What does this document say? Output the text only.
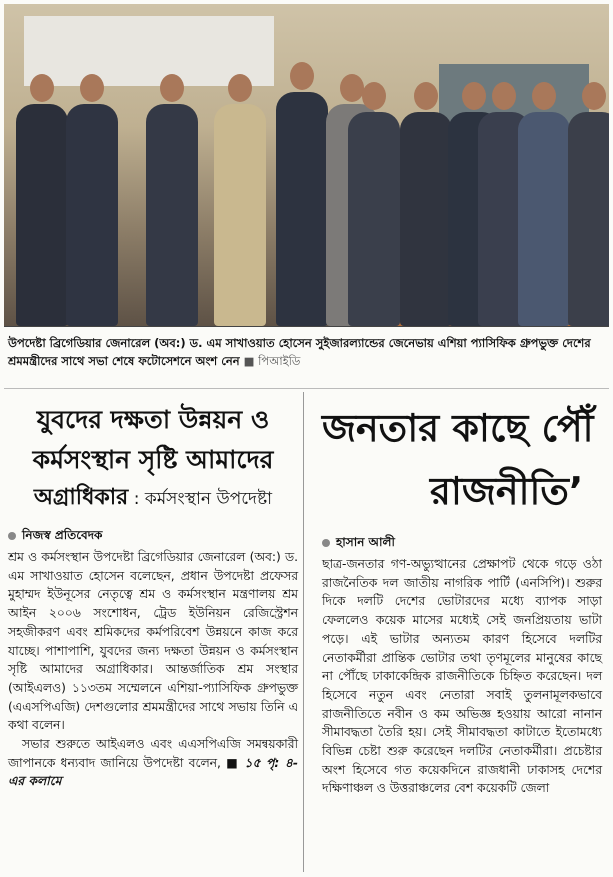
উপদেষ্টা ব্রিগেডিয়ার জেনারেল (অব:) ড. এম সাখাওয়াত হোসেন সুইজারল্যান্ডের জেনেভায় এশিয়া প্যাসিফিক গ্রুপভুক্ত দেশের শ্রমমন্ত্রীদের সাথে সভা শেষে ফটোসেশনে অংশ নেন ■ পিআইডি
যুবদের দক্ষতা উন্নয়ন ও
কর্মসংস্থান সৃষ্টি আমাদের
অগ্রাধিকার : কর্মসংস্থান উপদেষ্টা
নিজস্ব প্রতিবেদক

শ্রম ও কর্মসংস্থান উপদেষ্টা ব্রিগেডিয়ার জেনারেল (অব:) ড. এম সাখাওয়াত হোসেন বলেছেন, প্রধান উপদেষ্টা প্রফেসর মুহাম্মদ ইউনূসের নেতৃত্বে শ্রম ও কর্মসংস্থান মন্ত্রণালয় শ্রম আইন ২০০৬ সংশোধন, ট্রেড ইউনিয়ন রেজিস্ট্রেশন সহজীকরণ এবং শ্রমিকদের কর্মপরিবেশ উন্নয়নে কাজ করে যাচ্ছে। পাশাপাশি, যুবদের জন্য দক্ষতা উন্নয়ন ও কর্মসংস্থান সৃষ্টি আমাদের অগ্রাধিকার। আন্তর্জাতিক শ্রম সংস্থার (আইএলও) ১১৩তম সম্মেলনে এশিয়া-প্যাসিফিক গ্রুপভুক্ত (এএসপিএজি) দেশগুলোর শ্রমমন্ত্রীদের সাথে সভায় তিনি এ কথা বলেন।

সভার শুরুতে আইএলও এবং এএসপিএজি সমন্বয়কারী জাপানকে ধন্যবাদ জানিয়ে উপদেষ্টা বলেন, ■ ১৫ পৃ: ৪-এর কলামে

জনতার কাছে পৌঁ
রাজনীতি’
হাসান আলী
ছাত্র-জনতার গণ-অভ্যুত্থানের প্রেক্ষাপট থেকে গড়ে ওঠা রাজনৈতিক দল জাতীয় নাগরিক পার্টি (এনসিপি)। শুরুর দিকে দলটি দেশের ভোটারদের মধ্যে ব্যাপক সাড়া ফেললেও কয়েক মাসের মধ্যেই সেই জনপ্রিয়তায় ভাটা পড়ে। এই ভাটার অন্যতম কারণ হিসেবে দলটির নেতাকর্মীরা প্রান্তিক ভোটার তথা তৃণমূলের মানুষের কাছে না পৌঁছে ঢাকাকেন্দ্রিক রাজনীতিকে চিহ্নিত করেছেন। দল হিসেবে নতুন এবং নেতারা সবাই তুলনামূলকভাবে রাজনীতিতে নবীন ও কম অভিজ্ঞ হওয়ায় আরো নানান সীমাবদ্ধতা তৈরি হয়। সেই সীমাবদ্ধতা কাটাতে ইতোমধ্যে বিভিন্ন চেষ্টা শুরু করেছেন দলটির নেতাকর্মীরা। প্রচেষ্টার অংশ হিসেবে গত কয়েকদিনে রাজধানী ঢাকাসহ দেশের দক্ষিণাঞ্চল ও উত্তরাঞ্চলের বেশ কয়েকটি জেলা
